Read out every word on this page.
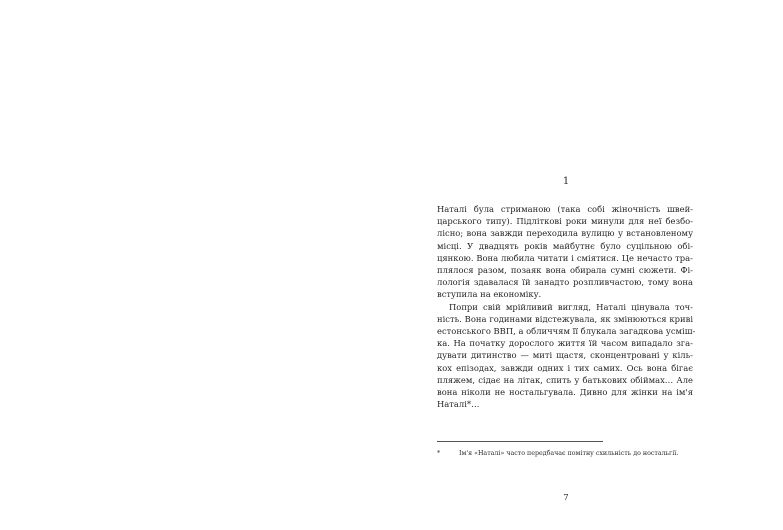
1
Наталі була стриманою (така собі жіночність швей-
царського типу). Підліткові роки минули для неї безбо-
лісно; вона завжди переходила вулицю у встановленому
місці. У двадцять років майбутнє було суцільною обі-
цянкою. Вона любила читати і сміятися. Це нечасто тра-
плялося разом, позаяк вона обирала сумні сюжети. Фі-
лологія здавалася їй занадто розпливчастою, тому вона
вступила на економіку.
Попри свій мрійливий вигляд, Наталі цінувала точ-
ність. Вона годинами відстежувала, як змінюються криві
естонського ВВП, а обличчям її блукала загадкова усміш-
ка. На початку дорослого життя їй часом випадало зга-
дувати дитинство — миті щастя, сконцентровані у кіль-
кох епізодах, завжди одних і тих самих. Ось вона бігає
пляжем, сідає на літак, спить у батькових обіймах… Але
вона ніколи не ностальгувала. Дивно для жінки на ім'я
Наталі*…
*	Ім'я «Наталі» часто передбачає помітну схильність до ностальгії.
7
